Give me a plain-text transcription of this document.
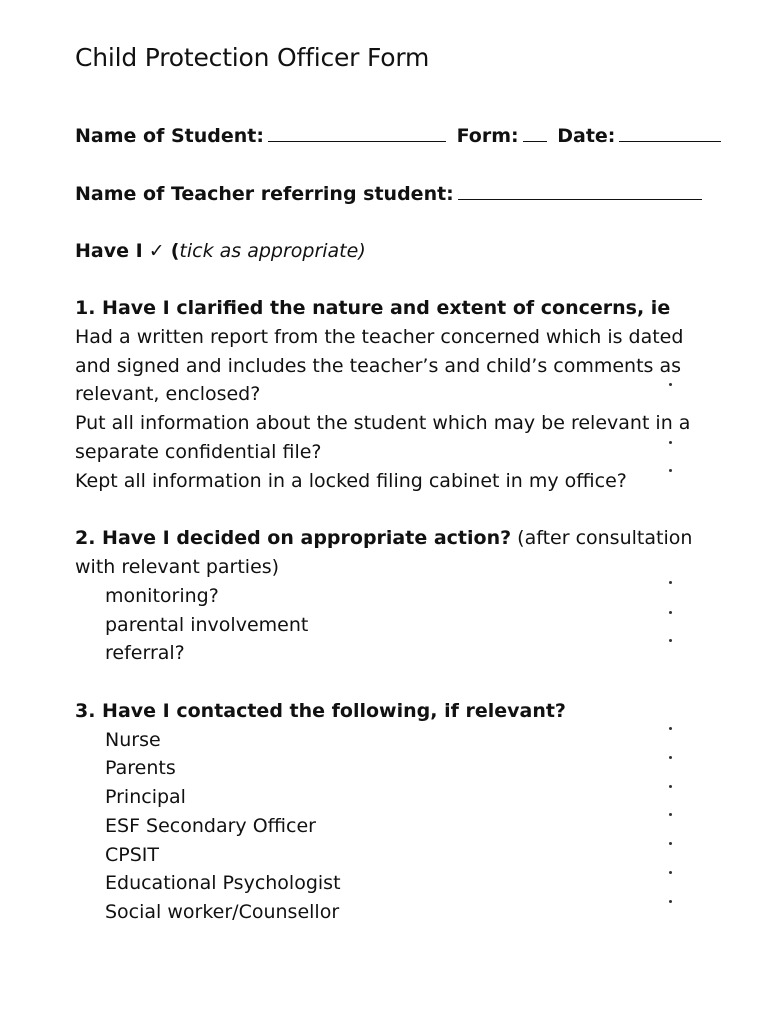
Child Protection Officer Form
Name of Student:	Form: Date:
Name of Teacher referring student:
Have I ✓ (tick as appropriate)
1. Have I clarified the nature and extent of concerns, ie
Had a written report from the teacher concerned which is dated
and signed and includes the teacher’s and child’s comments as
relevant, enclosed?
Put all information about the student which may be relevant in a
separate confidential file?
Kept all information in a locked filing cabinet in my office?
2. Have I decided on appropriate action? (after consultation
with relevant parties)
monitoring?
parental involvement
referral?
3. Have I contacted the following, if relevant?
Nurse
Parents
Principal
ESF Secondary Officer
CPSIT
Educational Psychologist
Social worker/Counsellor
